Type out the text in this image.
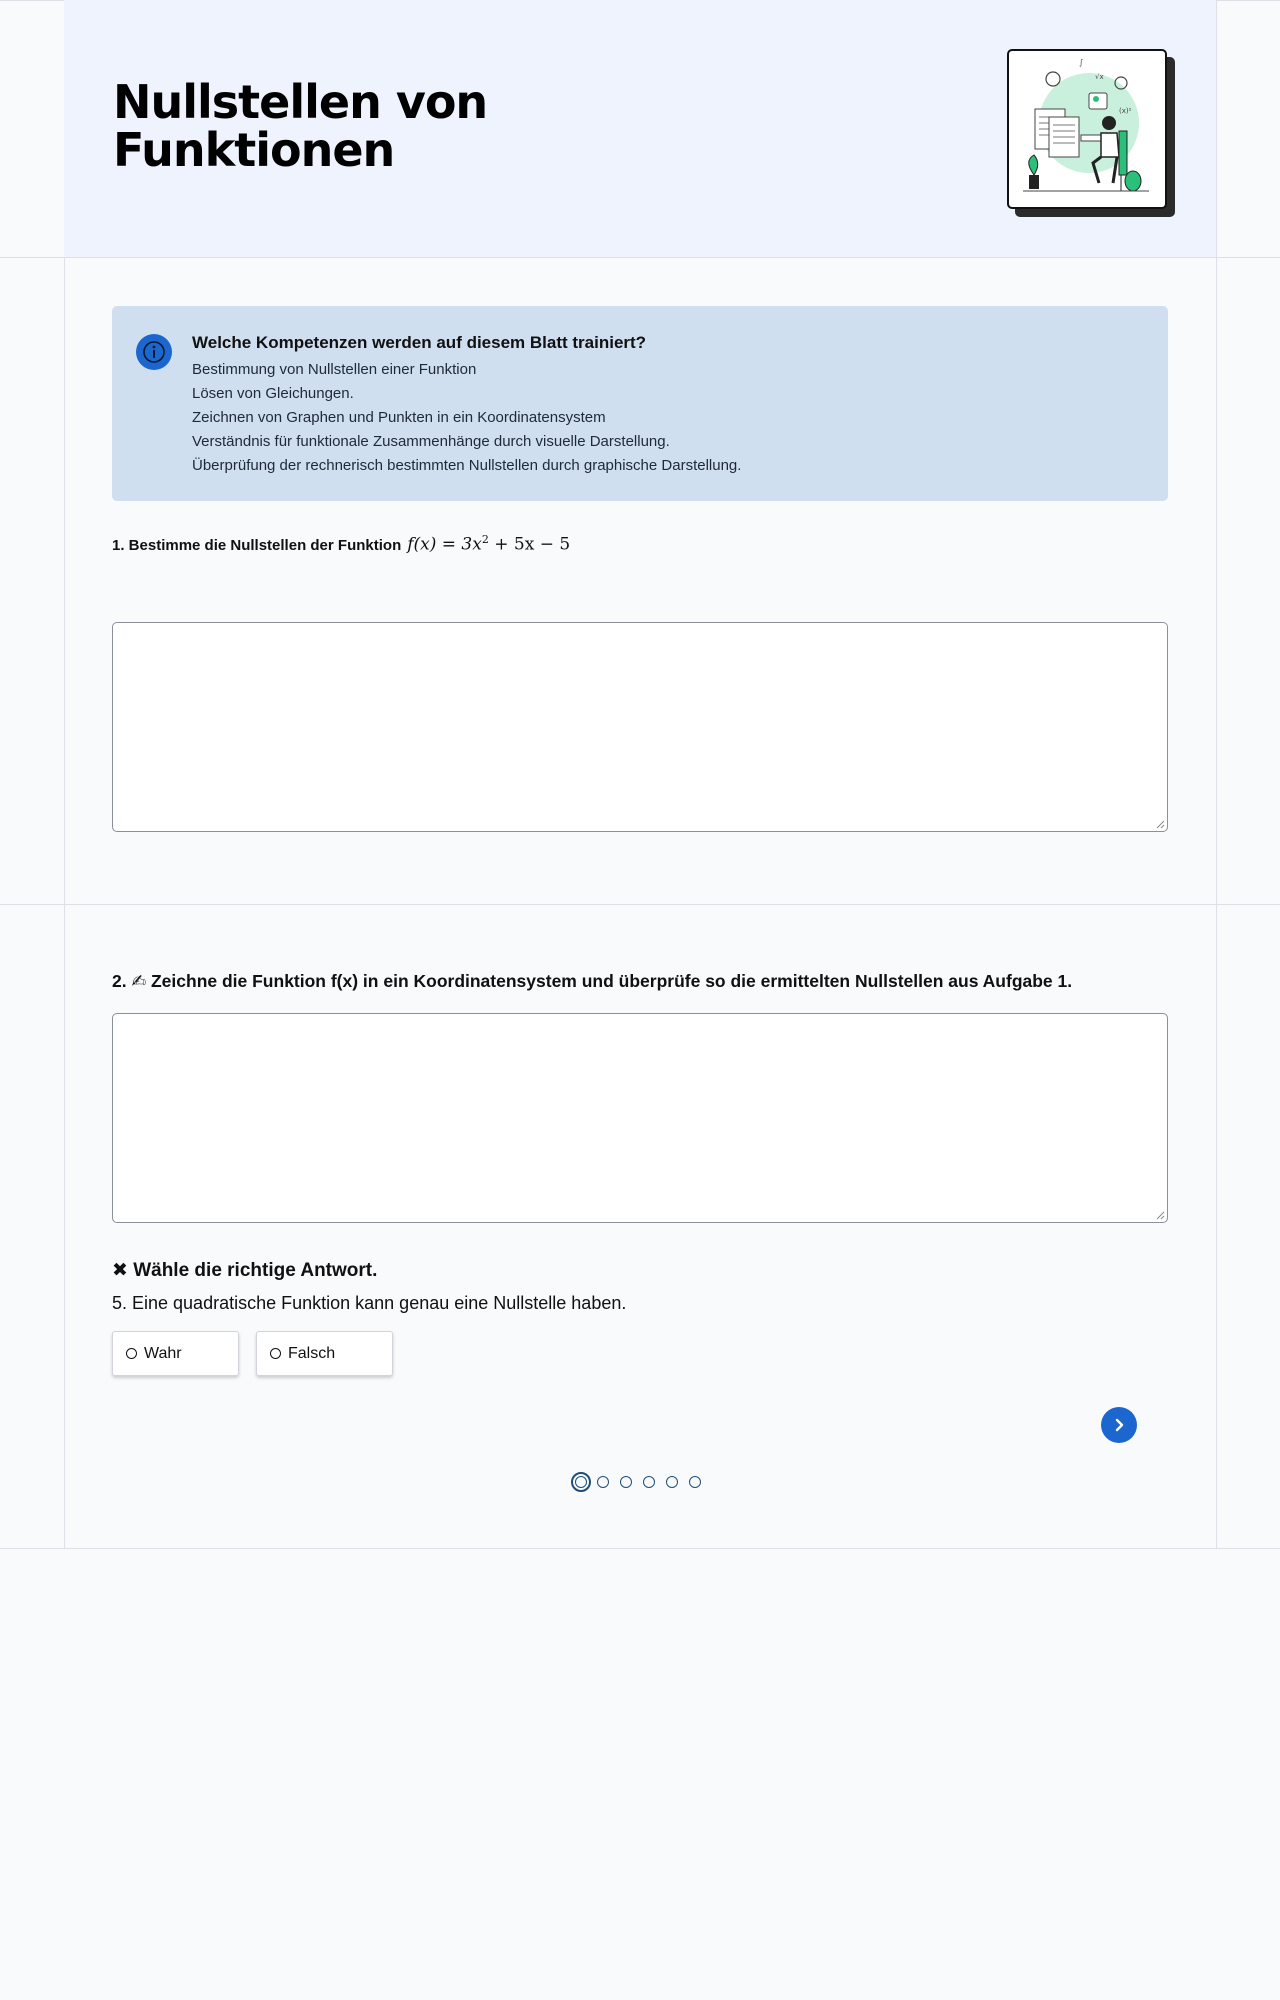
Nullstellen von Funktionen
∫
√x
(x)²
Welche Kompetenzen werden auf diesem Blatt trainiert?
Bestimmung von Nullstellen einer Funktion
Lösen von Gleichungen.
Zeichnen von Graphen und Punkten in ein Koordinatensystem
Verständnis für funktionale Zusammenhänge durch visuelle Darstellung.
Überprüfung der rechnerisch bestimmten Nullstellen durch graphische Darstellung.
1. Bestimme die Nullstellen der Funktion $f(x) = 3x^2 + 5x - 5$
2. ✍ Zeichne die Funktion f(x) in ein Koordinatensystem und überprüfe so die ermittelten Nullstellen aus Aufgabe 1.
✖ Wähle die richtige Antwort.
5. Eine quadratische Funktion kann genau eine Nullstelle haben.
Wahr	Falsch
